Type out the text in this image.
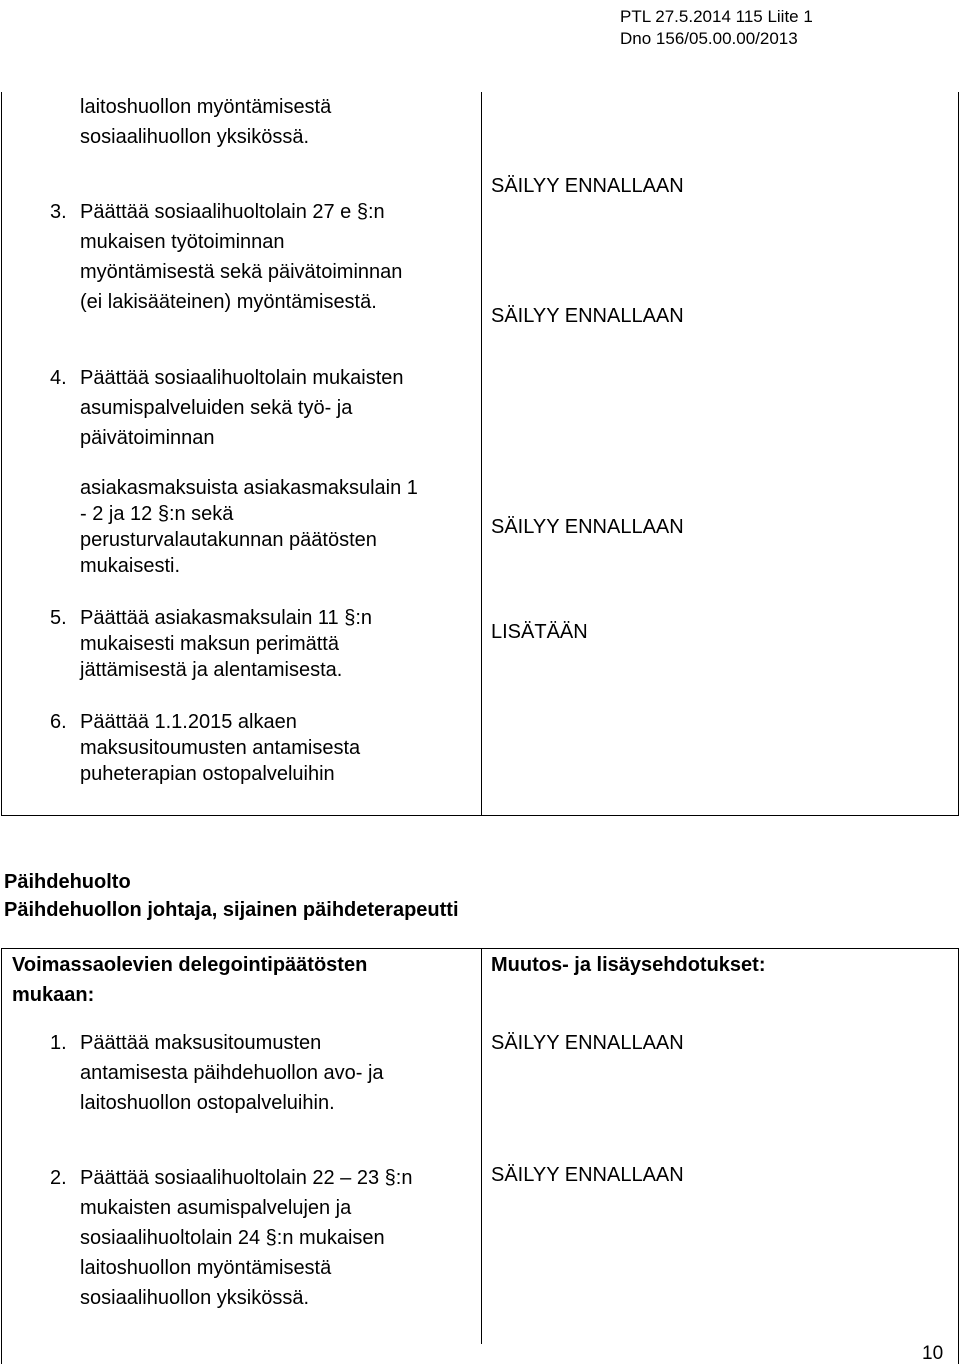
PTL 27.5.2014 115 Liite 1
Dno 156/05.00.00/2013
laitoshuollon myöntämisestä
sosiaalihuollon yksikössä.
3. Päättää sosiaalihuoltolain 27 e §:n
mukaisen työtoiminnan
myöntämisestä sekä päivätoiminnan
(ei lakisääteinen) myöntämisestä.
4. Päättää sosiaalihuoltolain mukaisten
asumispalveluiden sekä työ- ja
päivätoiminnan
asiakasmaksuista asiakasmaksulain 1
- 2 ja 12 §:n sekä
perusturvalautakunnan päätösten
mukaisesti.
5. Päättää asiakasmaksulain 11 §:n
mukaisesti maksun perimättä
jättämisestä ja alentamisesta.
6. Päättää 1.1.2015 alkaen
maksusitoumusten antamisesta
puheterapian ostopalveluihin
SÄILYY ENNALLAAN
SÄILYY ENNALLAAN
SÄILYY ENNALLAAN
LISÄTÄÄN
Päihdehuolto
Päihdehuollon johtaja, sijainen päihdeterapeutti
Voimassaolevien delegointipäätösten
mukaan:
Muutos- ja lisäysehdotukset:
1. Päättää maksusitoumusten
antamisesta päihdehuollon avo- ja
laitoshuollon ostopalveluihin.
SÄILYY ENNALLAAN
2. Päättää sosiaalihuoltolain 22 – 23 §:n
mukaisten asumispalvelujen ja
sosiaalihuoltolain 24 §:n mukaisen
laitoshuollon myöntämisestä
sosiaalihuollon yksikössä.
SÄILYY ENNALLAAN
10
